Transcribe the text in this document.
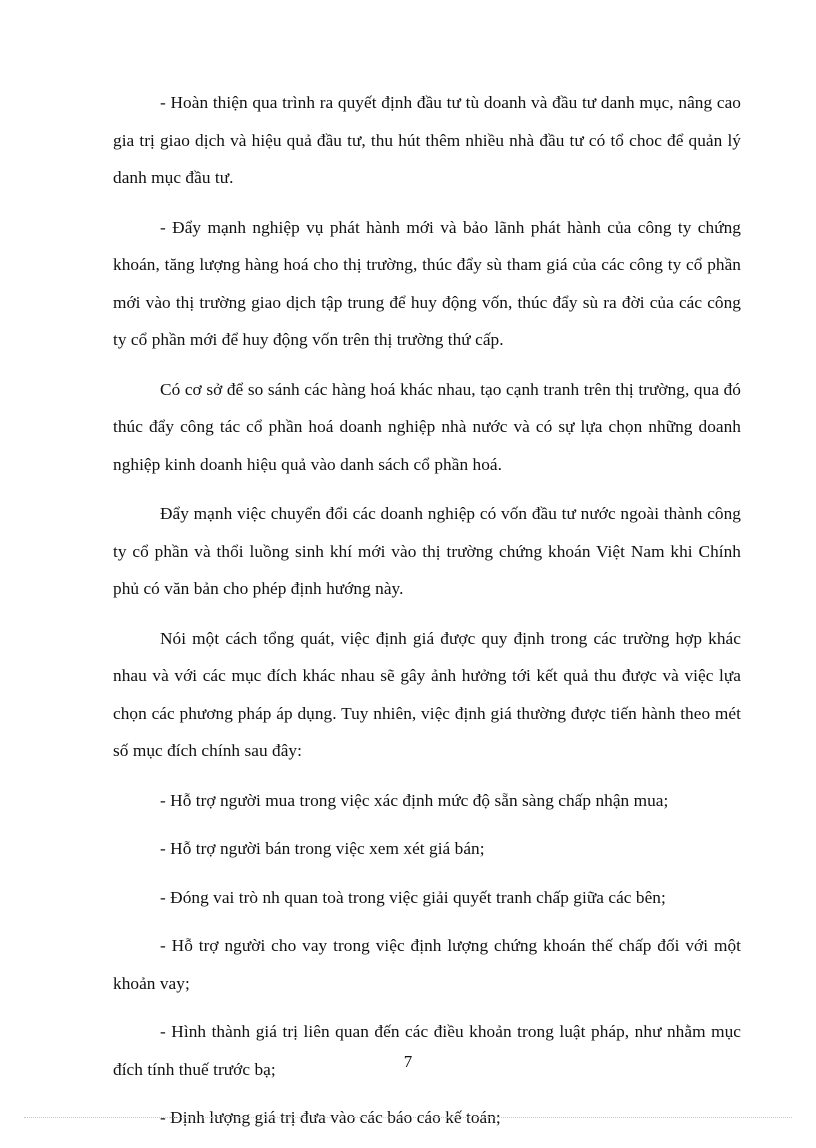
- Hoàn thiện qua trình ra quyết định đầu tư tù doanh và đầu tư danh mục, nâng cao gia trị giao dịch và hiệu quả đầu tư, thu hút thêm nhiều nhà đầu tư có tổ choc để quản lý danh mục đầu tư.

- Đẩy mạnh nghiệp vụ phát hành mới và bảo lãnh phát hành của công ty chứng khoán, tăng lượng hàng hoá cho thị trường, thúc đẩy sù tham giá của các công ty cổ phần mới vào thị trường giao dịch tập trung để huy động vốn, thúc đẩy sù ra đời của các công ty cổ phần mới để huy động vốn trên thị trường thứ cấp.

Có cơ sở để so sánh các hàng hoá khác nhau, tạo cạnh tranh trên thị trường, qua đó thúc đẩy công tác cổ phần hoá doanh nghiệp nhà nước và có sự lựa chọn những doanh nghiệp kinh doanh hiệu quả vào danh sách cổ phần hoá.

Đẩy mạnh việc chuyển đổi các doanh nghiệp có vốn đầu tư nước ngoài thành công ty cổ phần và thổi luồng sinh khí mới vào thị trường chứng khoán Việt Nam khi Chính phủ có văn bản cho phép định hướng này.

Nói một cách tổng quát, việc định giá được quy định trong các trường hợp khác nhau và với các mục đích khác nhau sẽ gây ảnh hưởng tới kết quả thu được và việc lựa chọn các phương pháp áp dụng. Tuy nhiên, việc định giá thường được tiến hành theo mét số mục đích chính sau đây:

- Hỗ trợ người mua trong việc xác định mức độ sẵn sàng chấp nhận mua;

- Hỗ trợ người bán trong việc xem xét giá bán;

- Đóng vai trò nh quan toà trong việc giải quyết tranh chấp giữa các bên;

- Hỗ trợ người cho vay trong việc định lượng chứng khoán thế chấp đối với một khoản vay;

- Hình thành giá trị liên quan đến các điều khoản trong luật pháp, như nhằm mục đích tính thuế trước bạ;

- Định lượng giá trị đưa vào các báo cáo kế toán;

7
